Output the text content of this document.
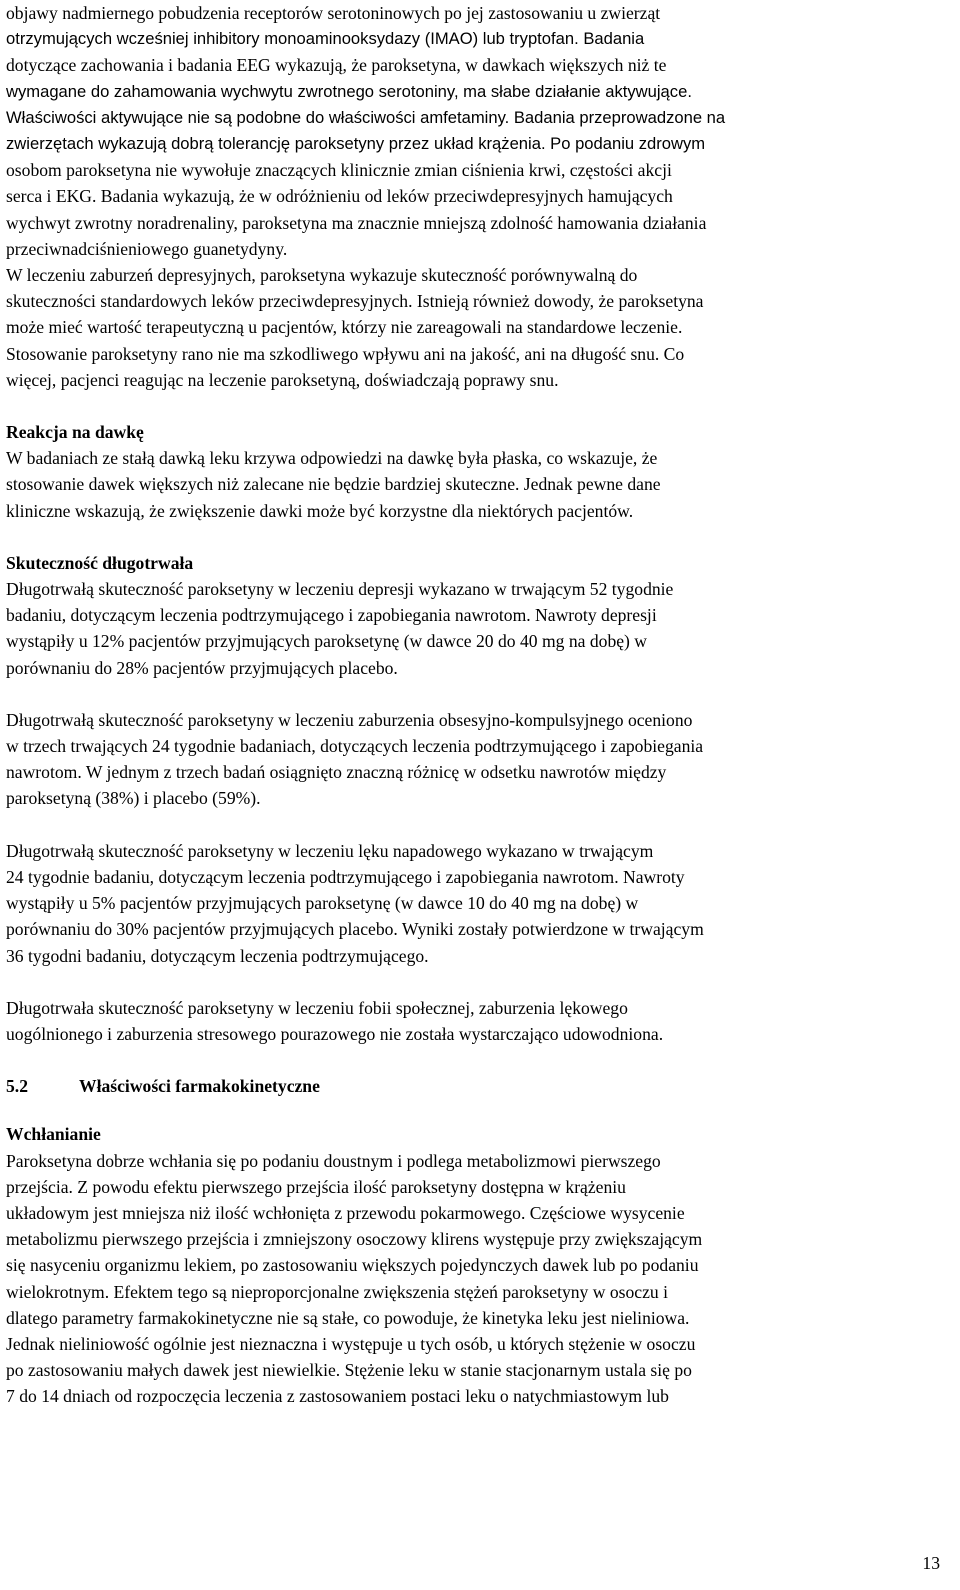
objawy nadmiernego pobudzenia receptorów serotoninowych po jej zastosowaniu u zwierząt
otrzymujących wcześniej inhibitory monoaminooksydazy (IMAO) lub tryptofan. Badania
dotyczące zachowania i badania EEG wykazują, że paroksetyna, w dawkach większych niż te
wymagane do zahamowania wychwytu zwrotnego serotoniny, ma słabe działanie aktywujące.
Właściwości aktywujące nie są podobne do właściwości amfetaminy. Badania przeprowadzone na
zwierzętach wykazują dobrą tolerancję paroksetyny przez układ krążenia. Po podaniu zdrowym
osobom paroksetyna nie wywołuje znaczących klinicznie zmian ciśnienia krwi, częstości akcji
serca i EKG. Badania wykazują, że w odróżnieniu od leków przeciwdepresyjnych hamujących
wychwyt zwrotny noradrenaliny, paroksetyna ma znacznie mniejszą zdolność hamowania działania
przeciwnadciśnieniowego guanetydyny.
W leczeniu zaburzeń depresyjnych, paroksetyna wykazuje skuteczność porównywalną do
skuteczności standardowych leków przeciwdepresyjnych. Istnieją również dowody, że paroksetyna
może mieć wartość terapeutyczną u pacjentów, którzy nie zareagowali na standardowe leczenie.
Stosowanie paroksetyny rano nie ma szkodliwego wpływu ani na jakość, ani na długość snu. Co
więcej, pacjenci reagując na leczenie paroksetyną, doświadczają poprawy snu.
Reakcja na dawkę
W badaniach ze stałą dawką leku krzywa odpowiedzi na dawkę była płaska, co wskazuje, że
stosowanie dawek większych niż zalecane nie będzie bardziej skuteczne. Jednak pewne dane
kliniczne wskazują, że zwiększenie dawki może być korzystne dla niektórych pacjentów.
Skuteczność długotrwała
Długotrwałą skuteczność paroksetyny w leczeniu depresji wykazano w trwającym 52 tygodnie
badaniu, dotyczącym leczenia podtrzymującego i zapobiegania nawrotom. Nawroty depresji
wystąpiły u 12% pacjentów przyjmujących paroksetynę (w dawce 20 do 40 mg na dobę) w
porównaniu do 28% pacjentów przyjmujących placebo.
Długotrwałą skuteczność paroksetyny w leczeniu zaburzenia obsesyjno-kompulsyjnego oceniono
w trzech trwających 24 tygodnie badaniach, dotyczących leczenia podtrzymującego i zapobiegania
nawrotom. W jednym z trzech badań osiągnięto znaczną różnicę w odsetku nawrotów między
paroksetyną (38%) i placebo (59%).
Długotrwałą skuteczność paroksetyny w leczeniu lęku napadowego wykazano w trwającym
24 tygodnie badaniu, dotyczącym leczenia podtrzymującego i zapobiegania nawrotom. Nawroty
wystąpiły u 5% pacjentów przyjmujących paroksetynę (w dawce 10 do 40 mg na dobę) w
porównaniu do 30% pacjentów przyjmujących placebo. Wyniki zostały potwierdzone w trwającym
36 tygodni badaniu, dotyczącym leczenia podtrzymującego.
Długotrwała skuteczność paroksetyny w leczeniu fobii społecznej, zaburzenia lękowego
uogólnionego i zaburzenia stresowego pourazowego nie została wystarczająco udowodniona.
5.2	Właściwości farmakokinetyczne
Wchłanianie
Paroksetyna dobrze wchłania się po podaniu doustnym i podlega metabolizmowi pierwszego
przejścia. Z powodu efektu pierwszego przejścia ilość paroksetyny dostępna w krążeniu
układowym jest mniejsza niż ilość wchłonięta z przewodu pokarmowego. Częściowe wysycenie
metabolizmu pierwszego przejścia i zmniejszony osoczowy klirens występuje przy zwiększającym
się nasyceniu organizmu lekiem, po zastosowaniu większych pojedynczych dawek lub po podaniu
wielokrotnym. Efektem tego są nieproporcjonalne zwiększenia stężeń paroksetyny w osoczu i
dlatego parametry farmakokinetyczne nie są stałe, co powoduje, że kinetyka leku jest nieliniowa.
Jednak nieliniowość ogólnie jest nieznaczna i występuje u tych osób, u których stężenie w osoczu
po zastosowaniu małych dawek jest niewielkie. Stężenie leku w stanie stacjonarnym ustala się po
7 do 14 dniach od rozpoczęcia leczenia z zastosowaniem postaci leku o natychmiastowym lub
13
